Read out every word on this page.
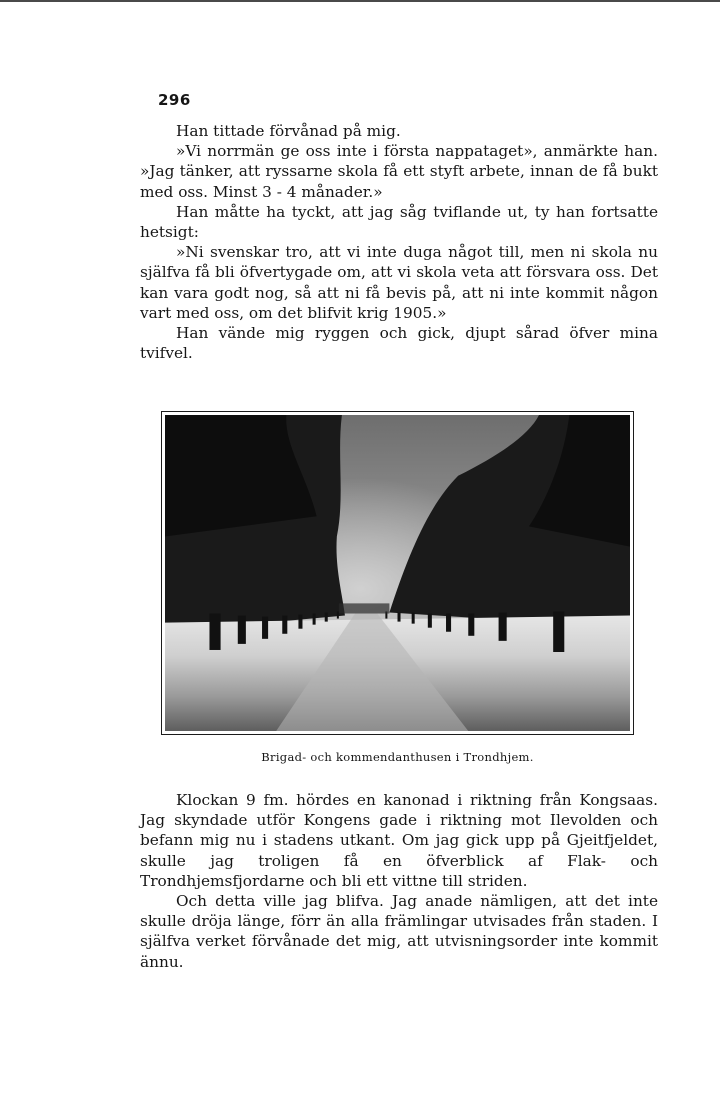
296

Han tittade förvånad på mig.

»Vi norrmän ge oss inte i första nappataget», anmärkte han. »Jag tänker, att ryssarne skola få ett styft arbete, innan de få bukt med oss. Minst 3 - 4 månader.»

Han måtte ha tyckt, att jag såg tviflande ut, ty han fortsatte hetsigt:

»Ni svenskar tro, att vi inte duga något till, men ni skola nu själfva få bli öfvertygade om, att vi skola veta att försvara oss. Det kan vara godt nog, så att ni få bevis på, att ni inte kommit någon vart med oss, om det blifvit krig 1905.»

Han vände mig ryggen och gick, djupt sårad öfver mina tvifvel.

Brigad- och kommendanthusen i Trondhjem.

Klockan 9 fm. hördes en kanonad i riktning från Kongsaas. Jag skyndade utför Kongens gade i riktning mot Ilevolden och befann mig nu i stadens utkant. Om jag gick upp på Gjeitfjeldet, skulle jag troligen få en öfverblick af Flak- och Trondhjemsfjordarne och bli ett vittne till striden.

Och detta ville jag blifva. Jag anade nämligen, att det inte skulle dröja länge, förr än alla främlingar utvisades från staden. I själfva verket förvånade det mig, att utvisningsorder inte kommit ännu.
